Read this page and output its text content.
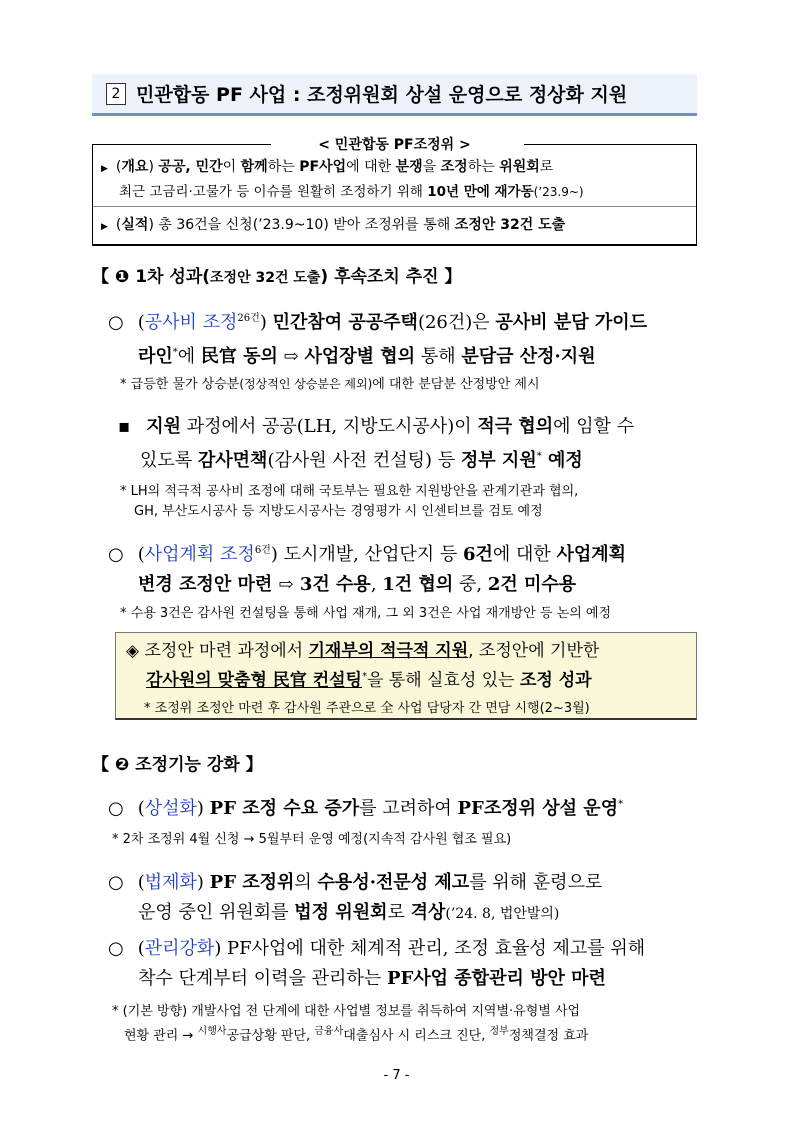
2 민관합동 PF 사업 : 조정위원회 상설 운영으로 정상화 지원
< 민관합동 PF조정위 >
▶ (개요) 공공, 민간이 함께하는 PF사업에 대한 분쟁을 조정하는 위원회로
최근 고금리·고물가 등 이슈를 원활히 조정하기 위해 10년 만에 재가동(’23.9~)
▶ (실적) 총 36건을 신청(’23.9~10) 받아 조정위를 통해 조정안 32건 도출
【 ❶ 1차 성과(조정안 32건 도출) 후속조치 추진 】
○ (공사비 조정$^{26건}$) 민간참여 공공주택(26건)은 공사비 분담 가이드
라인*에 民官 동의 ⇨ 사업장별 협의 통해 분담금 산정·지원
* 급등한 물가 상승분(정상적인 상승분은 제외)에 대한 분담분 산정방안 제시
▪ 지원 과정에서 공공(LH, 지방도시공사)이 적극 협의에 임할 수
있도록 감사면책(감사원 사전 컨설팅) 등 정부 지원* 예정
* LH의 적극적 공사비 조정에 대해 국토부는 필요한 지원방안을 관계기관과 협의,
GH, 부산도시공사 등 지방도시공사는 경영평가 시 인센티브를 검토 예정
○ (사업계획 조정$^{6건}$) 도시개발, 산업단지 등 6건에 대한 사업계획
변경 조정안 마련 ⇨ 3건 수용, 1건 협의 중, 2건 미수용
* 수용 3건은 감사원 컨설팅을 통해 사업 재개, 그 외 3건은 사업 재개방안 등 논의 예정
◈ 조정안 마련 과정에서 기재부의 적극적 지원, 조정안에 기반한
감사원의 맞춤형 民官 컨설팅*을 통해 실효성 있는 조정 성과
* 조정위 조정안 마련 후 감사원 주관으로 全 사업 담당자 간 면담 시행(2~3월)
【 ❷ 조정기능 강화 】
○ (상설화) PF 조정 수요 증가를 고려하여 PF조정위 상설 운영*
* 2차 조정위 4월 신청 → 5월부터 운영 예정(지속적 감사원 협조 필요)
○ (법제화) PF 조정위의 수용성·전문성 제고를 위해 훈령으로
운영 중인 위원회를 법정 위원회로 격상(’24. 8, 법안발의)
○ (관리강화) PF사업에 대한 체계적 관리, 조정 효율성 제고를 위해
착수 단계부터 이력을 관리하는 PF사업 종합관리 방안 마련
* (기본 방향) 개발사업 전 단계에 대한 사업별 정보를 취득하여 지역별·유형별 사업
현황 관리 → $^{시행사}$공급상황 판단, $^{금융사}$대출심사 시 리스크 진단, $^{정부}$정책결정 효과
- 7 -
